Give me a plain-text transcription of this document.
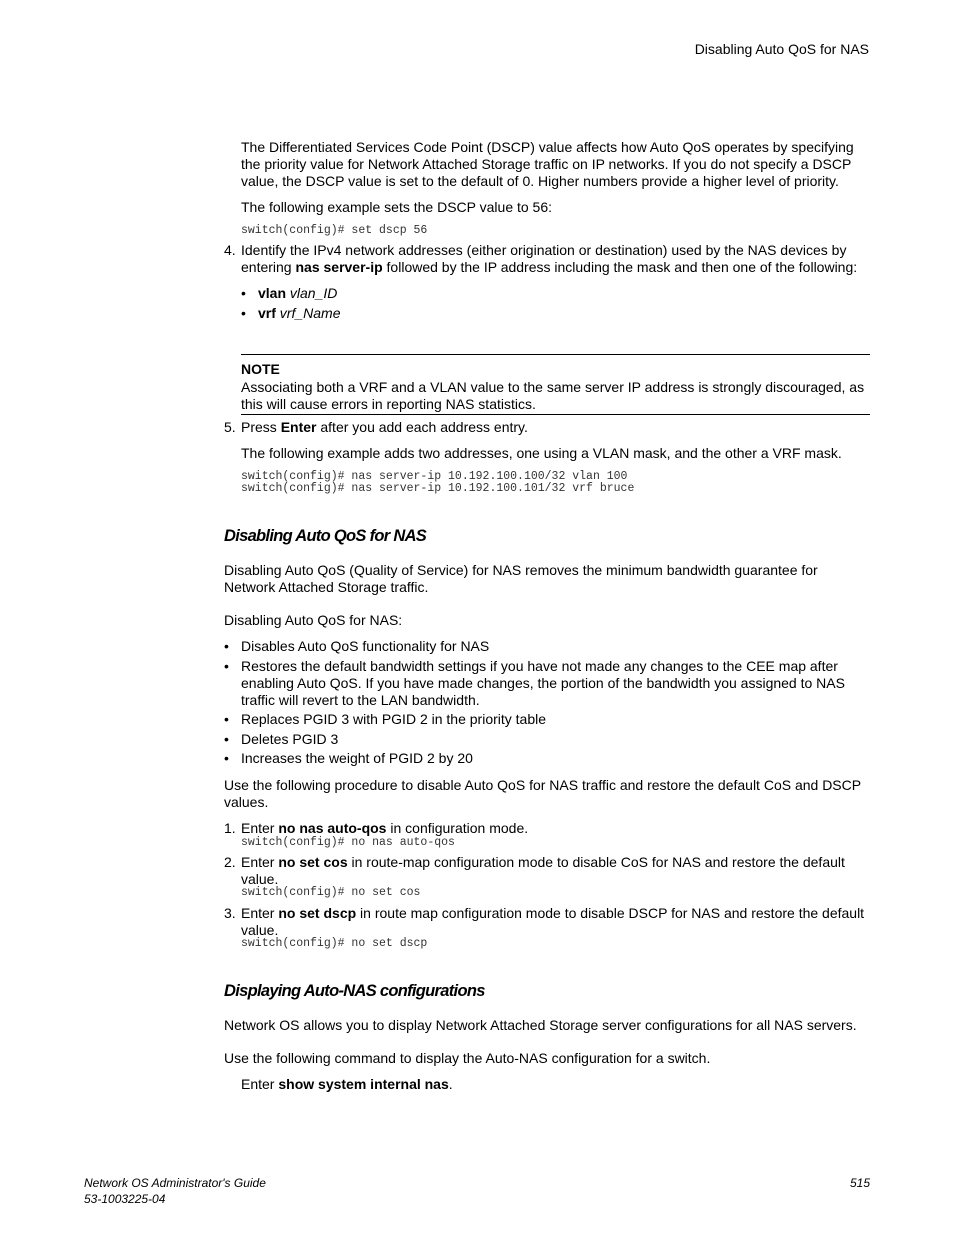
Disabling Auto QoS for NAS

The Differentiated Services Code Point (DSCP) value affects how Auto QoS operates by specifying the priority value for Network Attached Storage traffic on IP networks. If you do not specify a DSCP value, the DSCP value is set to the default of 0. Higher numbers provide a higher level of priority.

The following example sets the DSCP value to 56:

switch(config)# set dscp 56
4. Identify the IPv4 network addresses (either origination or destination) used by the NAS devices by entering nas server-ip followed by the IP address including the mask and then one of the following:

• vlan vlan_ID
• vrf vrf_Name
NOTE

Associating both a VRF and a VLAN value to the same server IP address is strongly discouraged, as this will cause errors in reporting NAS statistics.

5. Press Enter after you add each address entry.

The following example adds two addresses, one using a VLAN mask, and the other a VRF mask.

switch(config)# nas server-ip 10.192.100.100/32 vlan 100
switch(config)# nas server-ip 10.192.100.101/32 vrf bruce
Disabling Auto QoS for NAS

Disabling Auto QoS (Quality of Service) for NAS removes the minimum bandwidth guarantee for Network Attached Storage traffic.

Disabling Auto QoS for NAS:

• Disables Auto QoS functionality for NAS

• Restores the default bandwidth settings if you have not made any changes to the CEE map after enabling Auto QoS. If you have made changes, the portion of the bandwidth you assigned to NAS traffic will revert to the LAN bandwidth.

• Replaces PGID 3 with PGID 2 in the priority table

• Deletes PGID 3

• Increases the weight of PGID 2 by 20

Use the following procedure to disable Auto QoS for NAS traffic and restore the default CoS and DSCP values.

1. Enter no nas auto-qos in configuration mode.

switch(config)# no nas auto-qos
2. Enter no set cos in route-map configuration mode to disable CoS for NAS and restore the default value.

switch(config)# no set cos
3. Enter no set dscp in route map configuration mode to disable DSCP for NAS and restore the default value.

switch(config)# no set dscp
Displaying Auto-NAS configurations

Network OS allows you to display Network Attached Storage server configurations for all NAS servers.

Use the following command to display the Auto-NAS configuration for a switch.

Enter show system internal nas.

Network OS Administrator's Guide
53-1003225-04
515
